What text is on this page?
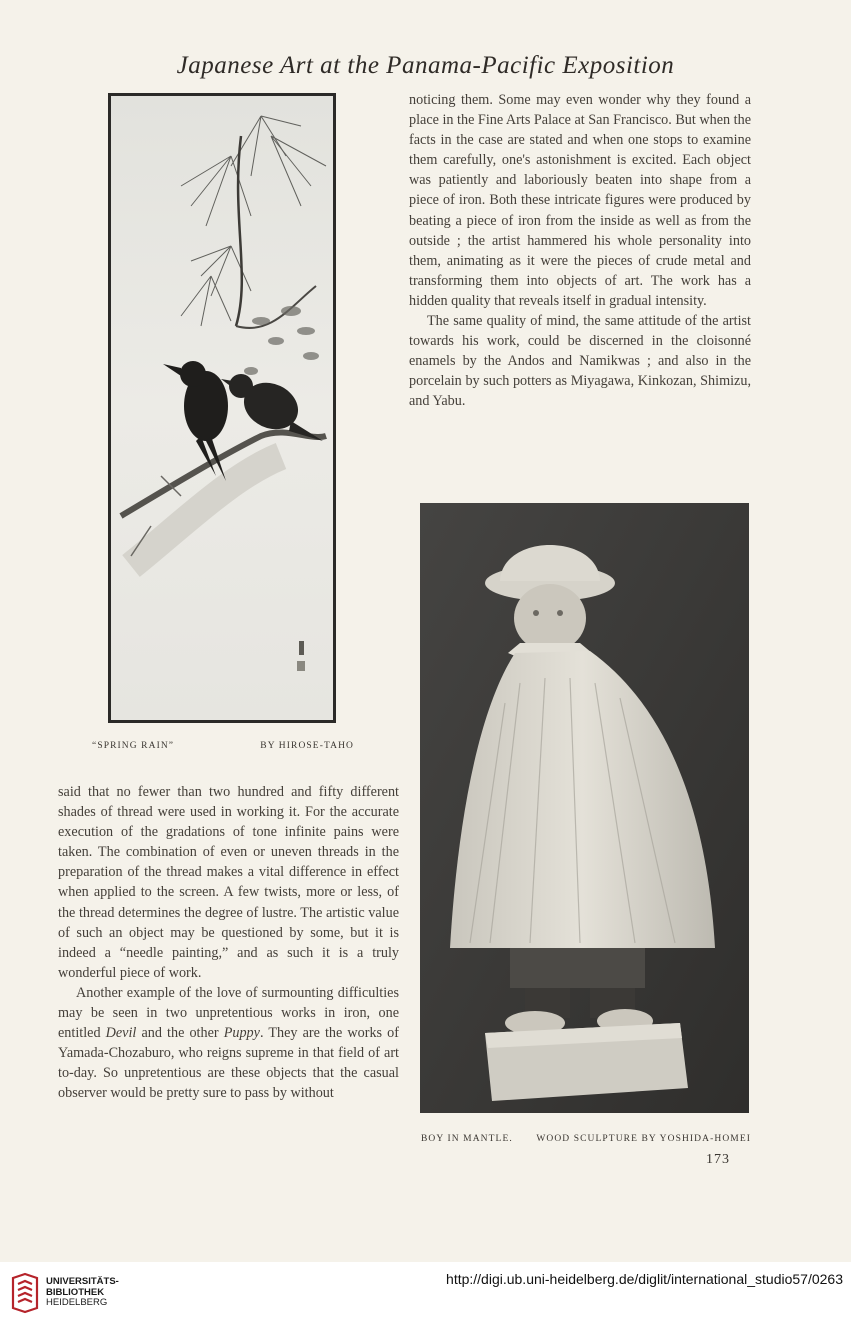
Japanese Art at the Panama-Pacific Exposition
“SPRING RAIN”	BY HIROSE-TAHO

noticing them. Some may even wonder why they found a place in the Fine Arts Palace at San Francisco. But when the facts in the case are stated and when one stops to examine them carefully, one's astonishment is excited. Each object was patiently and laboriously beaten into shape from a piece of iron. Both these intricate figures were produced by beating a piece of iron from the inside as well as from the outside ; the artist hammered his whole personality into them, animating as it were the pieces of crude metal and transforming them into objects of art. The work has a hidden quality that reveals itself in gradual intensity.

The same quality of mind, the same attitude of the artist towards his work, could be discerned in the cloisonné enamels by the Andos and Namikwas ; and also in the porcelain by such potters as Miyagawa, Kinkozan, Shimizu, and Yabu.

BOY IN MANTLE. WOOD SCULPTURE BY YOSHIDA-HOMEI
173

said that no fewer than two hundred and fifty different shades of thread were used in working it. For the accurate execution of the gradations of tone infinite pains were taken. The combination of even or uneven threads in the preparation of the thread makes a vital difference in effect when applied to the screen. A few twists, more or less, of the thread determines the degree of lustre. The artistic value of such an object may be questioned by some, but it is indeed a “needle painting,” and as such it is a truly wonderful piece of work.

Another example of the love of surmounting difficulties may be seen in two unpretentious works in iron, one entitled Devil and the other Puppy. They are the works of Yamada-Chozaburo, who reigns supreme in that field of art to-day. So unpretentious are these objects that the casual observer would be pretty sure to pass by without

UNIVERSITÄTS-
BIBLIOTHEK
HEIDELBERG
http://digi.ub.uni-heidelberg.de/diglit/international_studio57/0263
